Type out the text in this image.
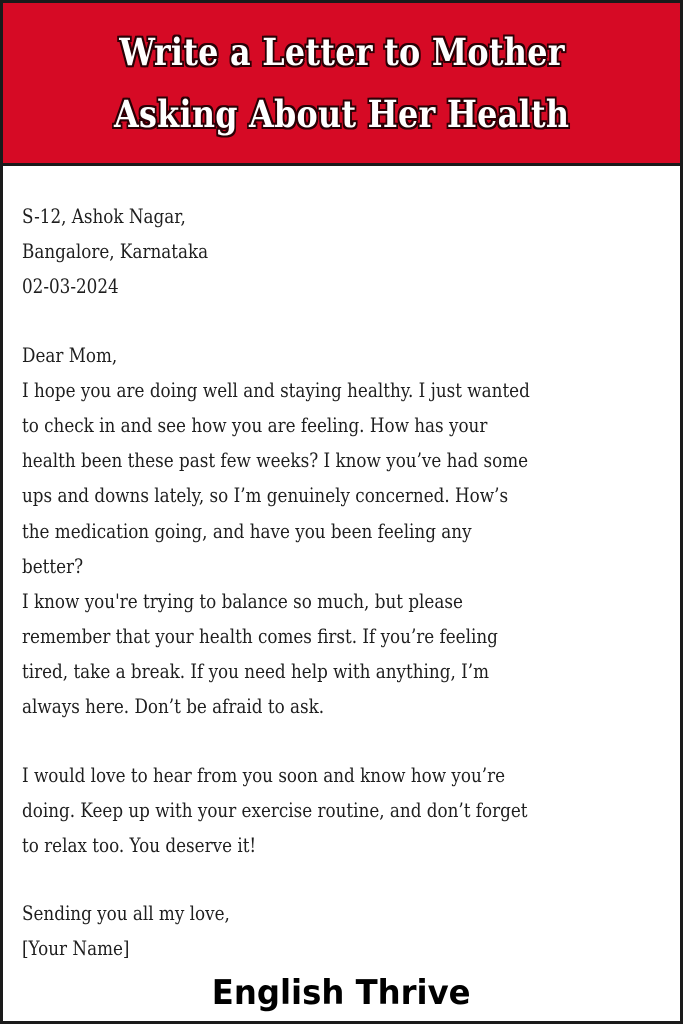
Write a Letter to Mother
Asking About Her Health
S-12, Ashok Nagar,
Bangalore, Karnataka
02-03-2024
Dear Mom,
I hope you are doing well and staying healthy. I just wanted
to check in and see how you are feeling. How has your
health been these past few weeks? I know you’ve had some
ups and downs lately, so I’m genuinely concerned. How’s
the medication going, and have you been feeling any
better?
I know you're trying to balance so much, but please
remember that your health comes first. If you’re feeling
tired, take a break. If you need help with anything, I’m
always here. Don’t be afraid to ask.
I would love to hear from you soon and know how you’re
doing. Keep up with your exercise routine, and don’t forget
to relax too. You deserve it!
Sending you all my love,
[Your Name]
English Thrive
